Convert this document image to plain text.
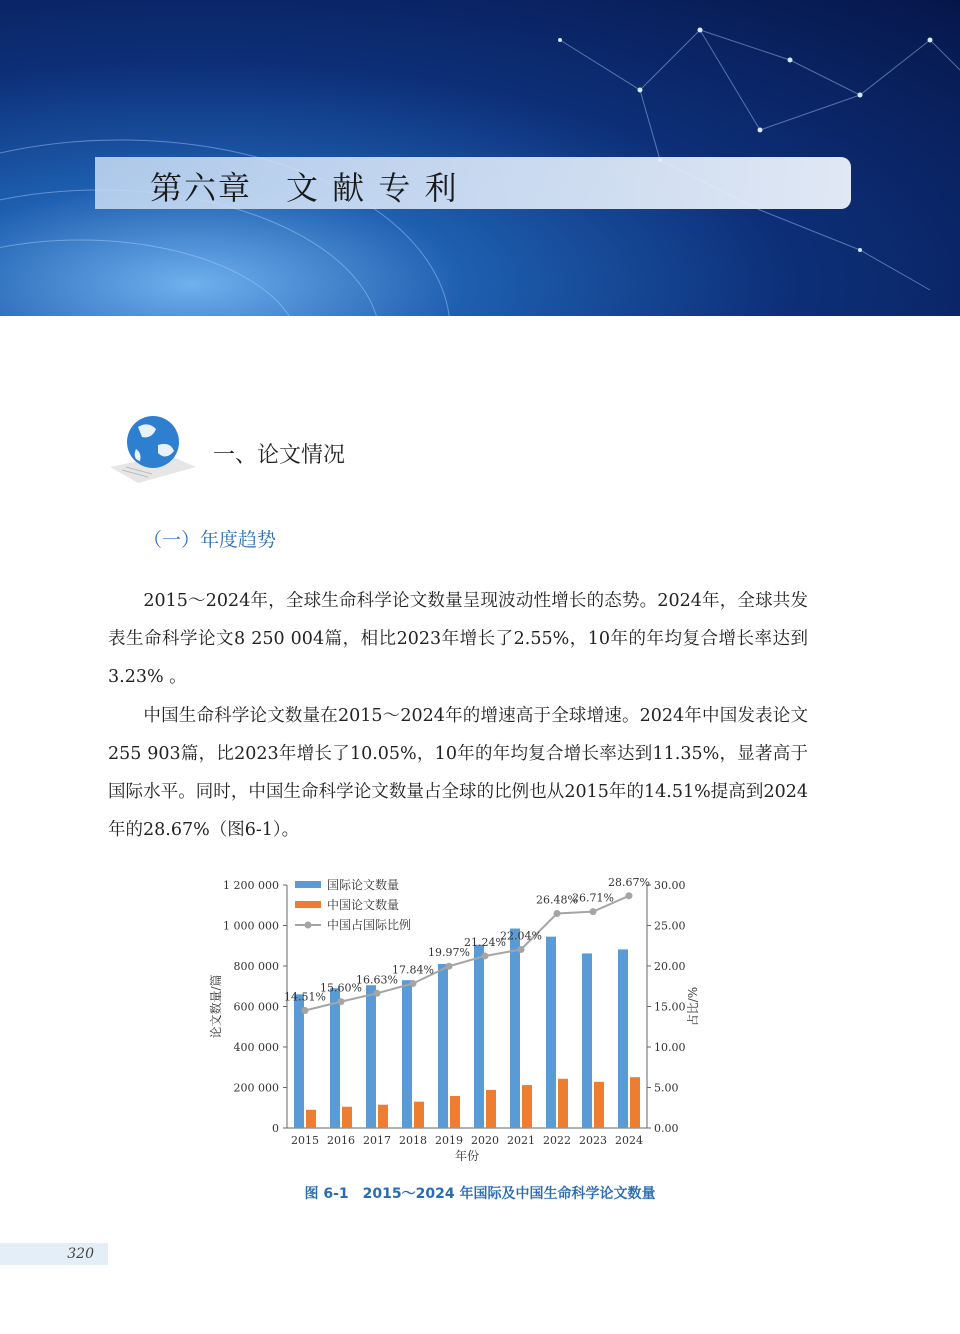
第六章　文 献 专 利
一、论文情况
（一）年度趋势

　　2015～2024年，全球生命科学论文数量呈现波动性增长的态势。2024年，全球共发表生命科学论文8 250 004篇，相比2023年增长了2.55%，10年的年均复合增长率达到3.23% 。

　　中国生命科学论文数量在2015～2024年的增速高于全球增速。2024年中国发表论文255 903篇，比2023年增长了10.05%，10年的年均复合增长率达到11.35%，显著高于国际水平。同时，中国生命科学论文数量占全球的比例也从2015年的14.51%提高到2024年的28.67%（图6-1）。

0
200 000
400 000
600 000
800 000
1 000 000
1 200 000
0.00
5.00
10.00
15.00
20.00
25.00
30.00
2015 2016 2017 2018 2019 2020 2021 2022 2023 2024
14.51%
15.60%
16.63%
17.84%
19.97%
21.24%
22.04%
26.48%
26.71%
28.67%
国际论文数量
中国论文数量
中国占国际比例
年份
论文数量/篇	占比/%
图 6-1　2015～2024 年国际及中国生命科学论文数量
320
